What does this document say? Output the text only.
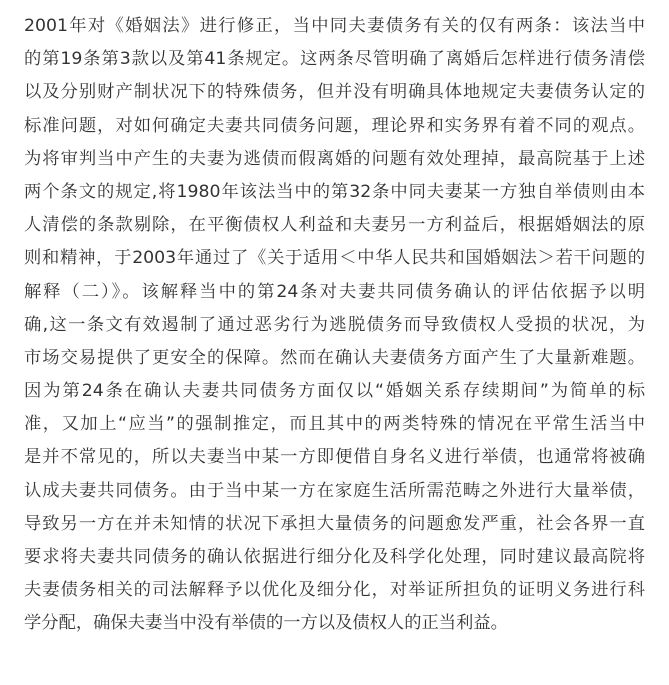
2001年对《婚姻法》进行修正，当中同夫妻债务有关的仅有两条：该法当中
的第19条第3款以及第41条规定。这两条尽管明确了离婚后怎样进行债务清偿
以及分别财产制状况下的特殊债务，但并没有明确具体地规定夫妻债务认定的
标准问题，对如何确定夫妻共同债务问题，理论界和实务界有着不同的观点。
为将审判当中产生的夫妻为逃债而假离婚的问题有效处理掉，最高院基于上述
两个条文的规定,将1980年该法当中的第32条中同夫妻某一方独自举债则由本
人清偿的条款剔除，在平衡债权人利益和夫妻另一方利益后，根据婚姻法的原
则和精神，于2003年通过了《关于适用＜中华人民共和国婚姻法＞若干问题的
解释（二）》。该解释当中的第24条对夫妻共同债务确认的评估依据予以明
确,这一条文有效遏制了通过恶劣行为逃脱债务而导致债权人受损的状况，为
市场交易提供了更安全的保障。然而在确认夫妻债务方面产生了大量新难题。
因为第24条在确认夫妻共同债务方面仅以“婚姻关系存续期间”为简单的标
准，又加上“应当”的强制推定，而且其中的两类特殊的情况在平常生活当中
是并不常见的，所以夫妻当中某一方即便借自身名义进行举债，也通常将被确
认成夫妻共同债务。由于当中某一方在家庭生活所需范畴之外进行大量举债，
导致另一方在并未知情的状况下承担大量债务的问题愈发严重，社会各界一直
要求将夫妻共同债务的确认依据进行细分化及科学化处理，同时建议最高院将
夫妻债务相关的司法解释予以优化及细分化，对举证所担负的证明义务进行科
学分配，确保夫妻当中没有举债的一方以及债权人的正当利益。
